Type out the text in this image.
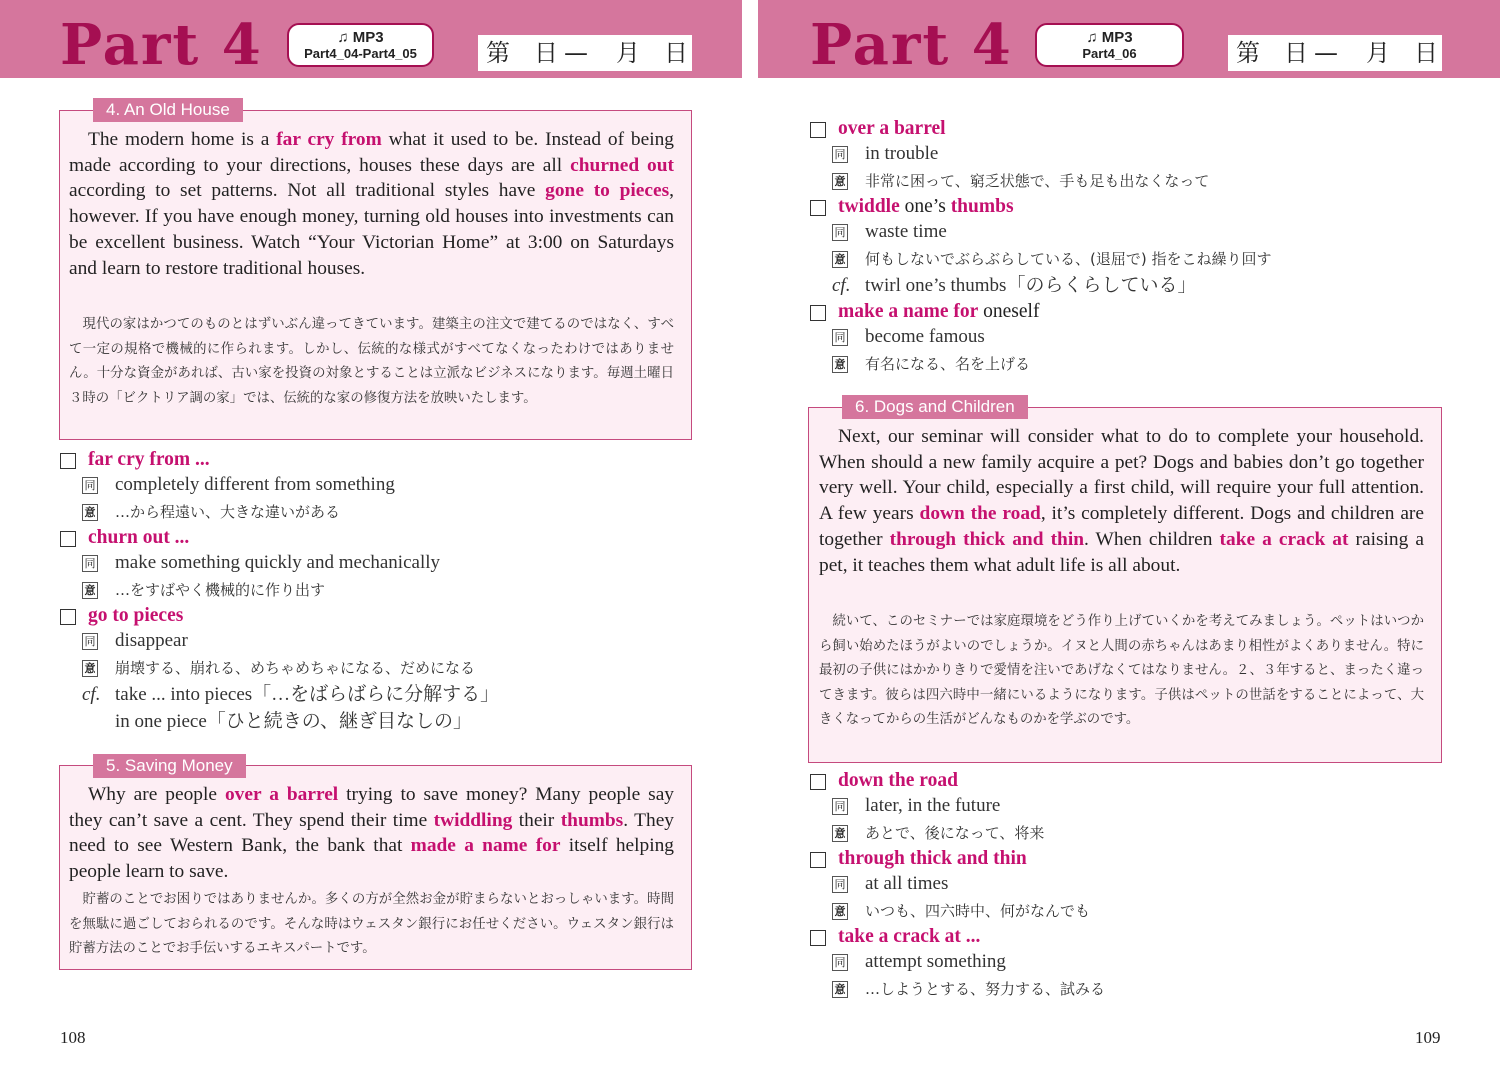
Part 4	♫ MP3
Part4_04-Part4_05	第 日 — 月 日
The modern home is a far cry from what it used to be. Instead of being made according to your directions, houses these days are all churned out according to set patterns. Not all traditional styles have gone to pieces, however. If you have enough money, turning old houses into investments can be excellent business. Watch “Your Victorian Home” at 3:00 on Saturdays and learn to restore traditional houses.
　現代の家はかつてのものとはずいぶん違ってきています。建築主の注文で建てるのではなく、すべて一定の規格で機械的に作られます。しかし、伝統的な様式がすべてなくなったわけではありません。十分な資金があれば、古い家を投資の対象とすることは立派なビジネスになります。毎週土曜日３時の「ビクトリア調の家」では、伝統的な家の修復方法を放映いたします。
4. An Old House
far cry from ...
同 completely different from something
意 …から程遠い、大きな違いがある
churn out ...
同 make something quickly and mechanically
意 …をすばやく機械的に作り出す
go to pieces
同 disappear
意 崩壊する、崩れる、めちゃめちゃになる、だめになる
cf. take ... into pieces「…をばらばらに分解する」
in one piece「ひと続きの、継ぎ目なしの」
Why are people over a barrel trying to save money? Many people say they can’t save a cent. They spend their time twiddling their thumbs. They need to see Western Bank, the bank that made a name for itself helping people learn to save.
　貯蓄のことでお困りではありませんか。多くの方が全然お金が貯まらないとおっしゃいます。時間を無駄に過ごしておられるのです。そんな時はウェスタン銀行にお任せください。ウェスタン銀行は貯蓄方法のことでお手伝いするエキスパートです。
5. Saving Money
108
Part 4	♫ MP3
Part4_06	第 日 — 月 日
over a barrel
同 in trouble
意 非常に困って、窮乏状態で、手も足も出なくなって
twiddle one’s thumbs
同 waste time
意 何もしないでぶらぶらしている、(退屈で) 指をこね繰り回す
cf. twirl one’s thumbs「のらくらしている」
make a name for oneself
同 become famous
意 有名になる、名を上げる
down the road
同 later, in the future
意 あとで、後になって、将来
through thick and thin
同 at all times
意 いつも、四六時中、何がなんでも
take a crack at ...
同 attempt something
意 …しようとする、努力する、試みる
Next, our seminar will consider what to do to complete your household. When should a new family acquire a pet? Dogs and babies don’t go together very well. Your child, especially a first child, will require your full attention. A few years down the road, it’s completely different. Dogs and children are together through thick and thin. When children take a crack at raising a pet, it teaches them what adult life is all about.
　続いて、このセミナーでは家庭環境をどう作り上げていくかを考えてみましょう。ペットはいつから飼い始めたほうがよいのでしょうか。イヌと人間の赤ちゃんはあまり相性がよくありません。特に最初の子供にはかかりきりで愛情を注いであげなくてはなりません。２、３年すると、まったく違ってきます。彼らは四六時中一緒にいるようになります。子供はペットの世話をすることによって、大きくなってからの生活がどんなものかを学ぶのです。
6. Dogs and Children
109
